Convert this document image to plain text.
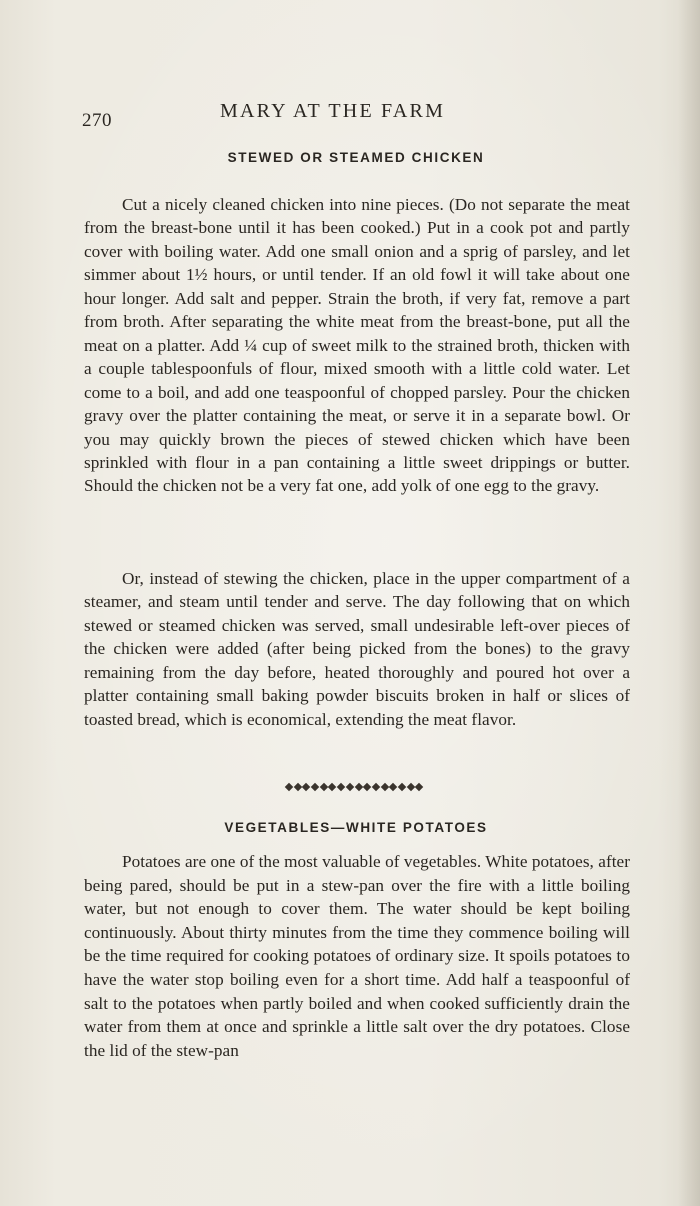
270	MARY AT THE FARM
STEWED OR STEAMED CHICKEN

Cut a nicely cleaned chicken into nine pieces. (Do not separate the meat from the breast-bone until it has been cooked.) Put in a cook pot and partly cover with boiling water. Add one small onion and a sprig of parsley, and let simmer about 1½ hours, or until tender. If an old fowl it will take about one hour longer. Add salt and pepper. Strain the broth, if very fat, remove a part from broth. After separating the white meat from the breast-bone, put all the meat on a platter. Add ¼ cup of sweet milk to the strained broth, thicken with a couple tablespoonfuls of flour, mixed smooth with a little cold water. Let come to a boil, and add one teaspoonful of chopped parsley. Pour the chicken gravy over the platter containing the meat, or serve it in a separate bowl. Or you may quickly brown the pieces of stewed chicken which have been sprinkled with flour in a pan containing a little sweet drippings or butter. Should the chicken not be a very fat one, add yolk of one egg to the gravy.

Or, instead of stewing the chicken, place in the upper compartment of a steamer, and steam until tender and serve. The day following that on which stewed or steamed chicken was served, small undesirable left-over pieces of the chicken were added (after being picked from the bones) to the gravy remaining from the day before, heated thoroughly and poured hot over a platter containing small baking powder biscuits broken in half or slices of toasted bread, which is economical, extending the meat flavor.

VEGETABLES—WHITE POTATOES

Potatoes are one of the most valuable of vegetables. White potatoes, after being pared, should be put in a stew-pan over the fire with a little boiling water, but not enough to cover them. The water should be kept boiling continuously. About thirty minutes from the time they commence boiling will be the time required for cooking potatoes of ordinary size. It spoils potatoes to have the water stop boiling even for a short time. Add half a teaspoonful of salt to the potatoes when partly boiled and when cooked sufficiently drain the water from them at once and sprinkle a little salt over the dry potatoes. Close the lid of the stew-pan
